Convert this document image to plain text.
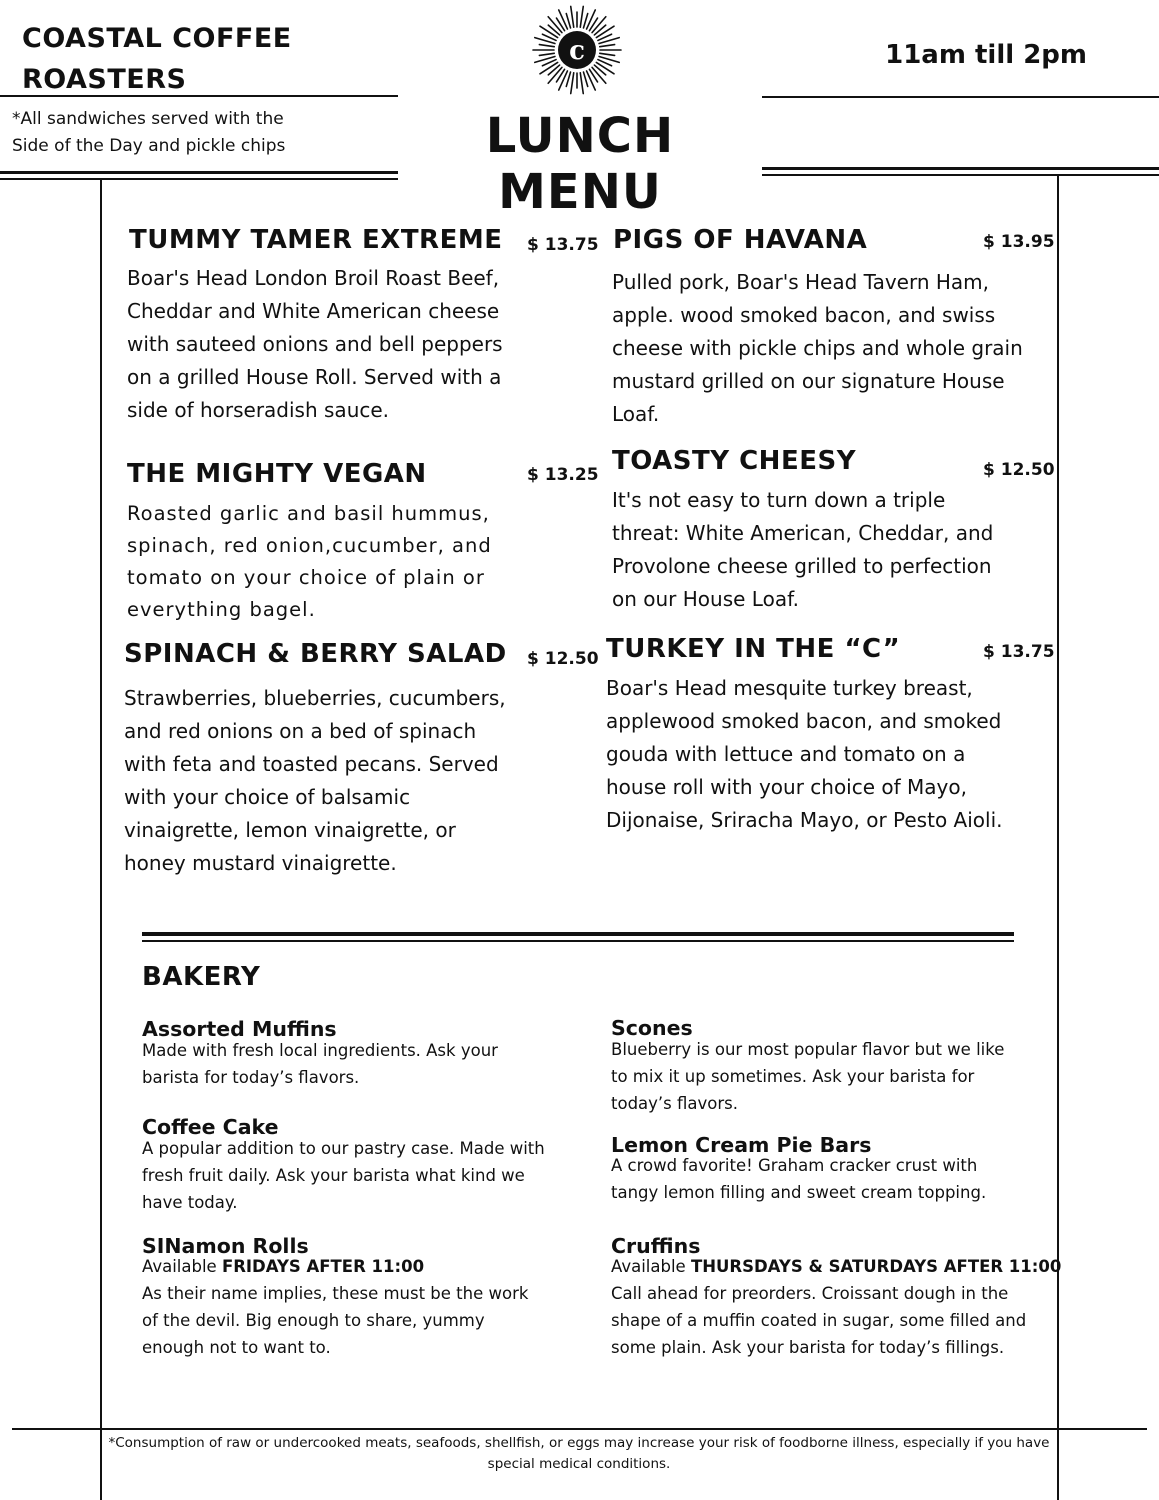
COASTAL COFFEE
ROASTERS
c	11am till 2pm
*All sandwiches served with the
Side of the Day and pickle chips	LUNCH MENU
TUMMY TAMER EXTREME $ 13.75
Boar's Head London Broil Roast Beef,
Cheddar and White American cheese
with sauteed onions and bell peppers
on a grilled House Roll. Served with a
side of horseradish sauce.
PIGS OF HAVANA	$ 13.95
Pulled pork, Boar's Head Tavern Ham,
apple. wood smoked bacon, and swiss
cheese with pickle chips and whole grain
mustard grilled on our signature House
Loaf.
THE MIGHTY VEGAN	$ 13.25
Roasted garlic and basil hummus,
spinach, red onion,cucumber, and
tomato on your choice of plain or
everything bagel.
TOASTY CHEESY	$ 12.50
It's not easy to turn down a triple
threat: White American, Cheddar, and
Provolone cheese grilled to perfection
on our House Loaf.
SPINACH & BERRY SALAD $ 12.50
Strawberries, blueberries, cucumbers,
and red onions on a bed of spinach
with feta and toasted pecans. Served
with your choice of balsamic
vinaigrette, lemon vinaigrette, or
honey mustard vinaigrette.
TURKEY IN THE “C”	$ 13.75
Boar's Head mesquite turkey breast,
applewood smoked bacon, and smoked
gouda with lettuce and tomato on a
house roll with your choice of Mayo,
Dijonaise, Sriracha Mayo, or Pesto Aioli.
BAKERY
Assorted Muffins
Made with fresh local ingredients. Ask your
barista for today’s flavors.
Scones
Blueberry is our most popular flavor but we like
to mix it up sometimes. Ask your barista for
today’s flavors.
Coffee Cake
A popular addition to our pastry case. Made with
fresh fruit daily. Ask your barista what kind we
have today.
Lemon Cream Pie Bars
A crowd favorite! Graham cracker crust with
tangy lemon filling and sweet cream topping.
SINamon Rolls
Available FRIDAYS AFTER 11:00
As their name implies, these must be the work
of the devil. Big enough to share, yummy
enough not to want to.
Cruffins
Available THURSDAYS & SATURDAYS AFTER 11:00
Call ahead for preorders. Croissant dough in the
shape of a muffin coated in sugar, some filled and
some plain. Ask your barista for today’s fillings.
*Consumption of raw or undercooked meats, seafoods, shellfish, or eggs may increase your risk of foodborne illness, especially if you have
special medical conditions.
